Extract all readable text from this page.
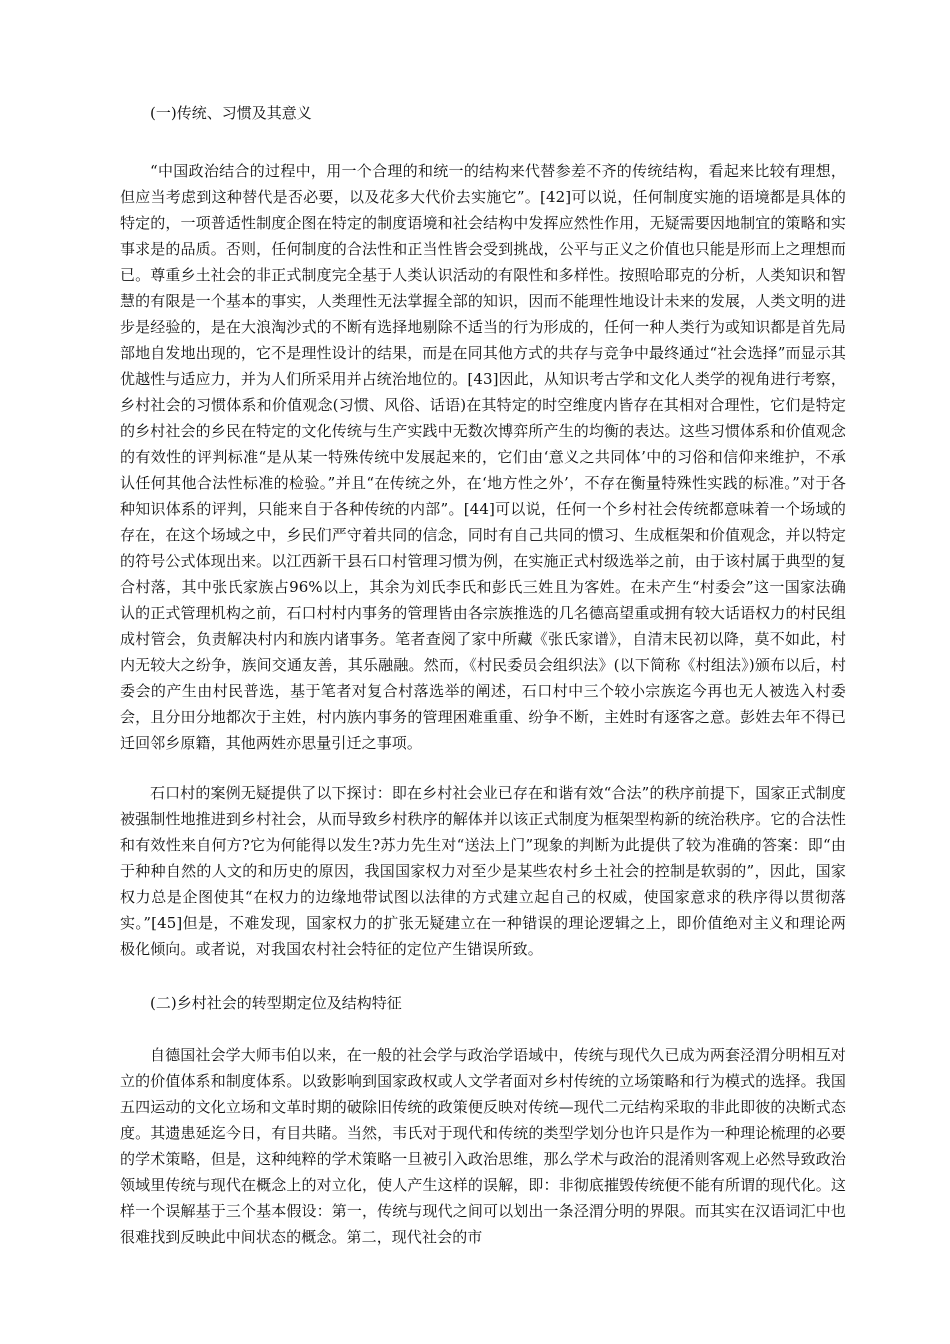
(一)传统、习惯及其意义

“中国政治结合的过程中，用一个合理的和统一的结构来代替参差不齐的传统结构，看起来比较有理想，但应当考虑到这种替代是否必要，以及花多大代价去实施它”。[42]可以说，任何制度实施的语境都是具体的特定的，一项普适性制度企图在特定的制度语境和社会结构中发挥应然性作用，无疑需要因地制宜的策略和实事求是的品质。否则，任何制度的合法性和正当性皆会受到挑战，公平与正义之价值也只能是形而上之理想而已。尊重乡土社会的非正式制度完全基于人类认识活动的有限性和多样性。按照哈耶克的分析，人类知识和智慧的有限是一个基本的事实，人类理性无法掌握全部的知识，因而不能理性地设计未来的发展，人类文明的进步是经验的，是在大浪淘沙式的不断有选择地剔除不适当的行为形成的，任何一种人类行为或知识都是首先局部地自发地出现的，它不是理性设计的结果，而是在同其他方式的共存与竞争中最终通过“社会选择”而显示其优越性与适应力，并为人们所采用并占统治地位的。[43]因此，从知识考古学和文化人类学的视角进行考察，乡村社会的习惯体系和价值观念(习惯、风俗、话语)在其特定的时空维度内皆存在其相对合理性，它们是特定的乡村社会的乡民在特定的文化传统与生产实践中无数次博弈所产生的均衡的表达。这些习惯体系和价值观念的有效性的评判标准“是从某一特殊传统中发展起来的，它们由‘意义之共同体’中的习俗和信仰来维护，不承认任何其他合法性标准的检验。”并且“在传统之外，在‘地方性之外’，不存在衡量特殊性实践的标准。”对于各种知识体系的评判，只能来自于各种传统的内部”。[44]可以说，任何一个乡村社会传统都意味着一个场域的存在，在这个场域之中，乡民们严守着共同的信念，同时有自己共同的惯习、生成框架和价值观念，并以特定的符号公式体现出来。以江西新干县石口村管理习惯为例，在实施正式村级选举之前，由于该村属于典型的复合村落，其中张氏家族占96%以上，其余为刘氏李氏和彭氏三姓且为客姓。在未产生“村委会”这一国家法确认的正式管理机构之前，石口村村内事务的管理皆由各宗族推选的几名德高望重或拥有较大话语权力的村民组成村管会，负责解决村内和族内诸事务。笔者查阅了家中所藏《张氏家谱》，自清末民初以降，莫不如此，村内无较大之纷争，族间交通友善，其乐融融。然而，《村民委员会组织法》(以下简称《村组法》)颁布以后，村委会的产生由村民普选，基于笔者对复合村落选举的阐述，石口村中三个较小宗族迄今再也无人被选入村委会，且分田分地都次于主姓，村内族内事务的管理困难重重、纷争不断，主姓时有逐客之意。彭姓去年不得已迁回邻乡原籍，其他两姓亦思量引迁之事项。

石口村的案例无疑提供了以下探讨：即在乡村社会业已存在和谐有效“合法”的秩序前提下，国家正式制度被强制性地推进到乡村社会，从而导致乡村秩序的解体并以该正式制度为框架型构新的统治秩序。它的合法性和有效性来自何方?它为何能得以发生?苏力先生对“送法上门”现象的判断为此提供了较为准确的答案：即“由于种种自然的人文的和历史的原因，我国国家权力对至少是某些农村乡土社会的控制是软弱的”，因此，国家权力总是企图使其“在权力的边缘地带试图以法律的方式建立起自己的权威，使国家意求的秩序得以贯彻落实。”[45]但是，不难发现，国家权力的扩张无疑建立在一种错误的理论逻辑之上，即价值绝对主义和理论两极化倾向。或者说，对我国农村社会特征的定位产生错误所致。

(二)乡村社会的转型期定位及结构特征

自德国社会学大师韦伯以来，在一般的社会学与政治学语域中，传统与现代久已成为两套泾渭分明相互对立的价值体系和制度体系。以致影响到国家政权或人文学者面对乡村传统的立场策略和行为模式的选择。我国五四运动的文化立场和文革时期的破除旧传统的政策便反映对传统—现代二元结构采取的非此即彼的决断式态度。其遗患延迄今日，有目共睹。当然，韦氏对于现代和传统的类型学划分也许只是作为一种理论梳理的必要的学术策略，但是，这种纯粹的学术策略一旦被引入政治思维，那么学术与政治的混淆则客观上必然导致政治领域里传统与现代在概念上的对立化，使人产生这样的误解，即：非彻底摧毁传统便不能有所谓的现代化。这样一个误解基于三个基本假设：第一，传统与现代之间可以划出一条泾渭分明的界限。而其实在汉语词汇中也很难找到反映此中间状态的概念。第二，现代社会的市
